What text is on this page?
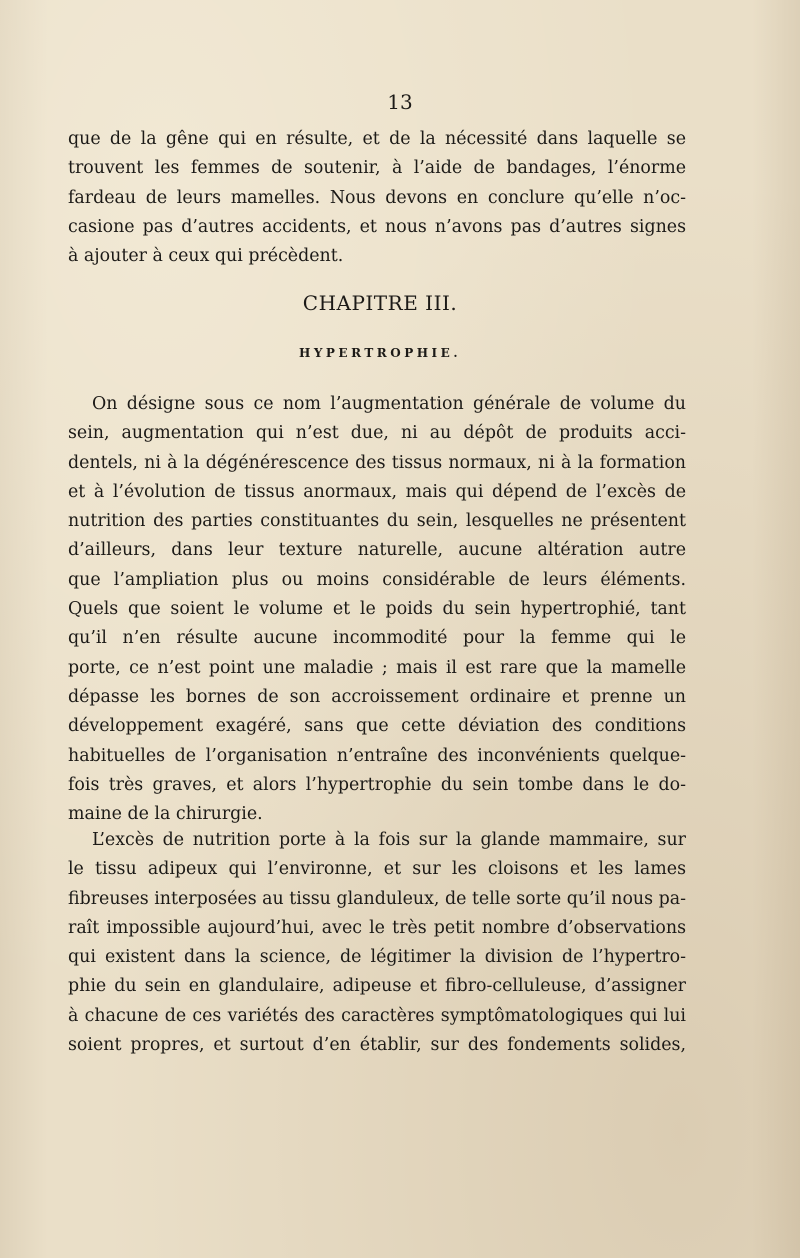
13
que de la gêne qui en résulte, et de la nécessité dans laquelle se
trouvent les femmes de soutenir, à l’aide de bandages, l’énorme
fardeau de leurs mamelles. Nous devons en conclure qu’elle n’oc-
casione pas d’autres accidents, et nous n’avons pas d’autres signes
à ajouter à ceux qui précèdent.
CHAPITRE III.
HYPERTROPHIE.
On désigne sous ce nom l’augmentation générale de volume du
sein, augmentation qui n’est due, ni au dépôt de produits acci-
dentels, ni à la dégénérescence des tissus normaux, ni à la formation
et à l’évolution de tissus anormaux, mais qui dépend de l’excès de
nutrition des parties constituantes du sein, lesquelles ne présentent
d’ailleurs, dans leur texture naturelle, aucune altération autre
que l’ampliation plus ou moins considérable de leurs éléments.
Quels que soient le volume et le poids du sein hypertrophié, tant
qu’il n’en résulte aucune incommodité pour la femme qui le
porte, ce n’est point une maladie ; mais il est rare que la mamelle
dépasse les bornes de son accroissement ordinaire et prenne un
développement exagéré, sans que cette déviation des conditions
habituelles de l’organisation n’entraîne des inconvénients quelque-
fois très graves, et alors l’hypertrophie du sein tombe dans le do-
maine de la chirurgie.
L’excès de nutrition porte à la fois sur la glande mammaire, sur
le tissu adipeux qui l’environne, et sur les cloisons et les lames
fibreuses interposées au tissu glanduleux, de telle sorte qu’il nous pa-
raît impossible aujourd’hui, avec le très petit nombre d’observations
qui existent dans la science, de légitimer la division de l’hypertro-
phie du sein en glandulaire, adipeuse et fibro-celluleuse, d’assigner
à chacune de ces variétés des caractères symptômatologiques qui lui
soient propres, et surtout d’en établir, sur des fondements solides,
